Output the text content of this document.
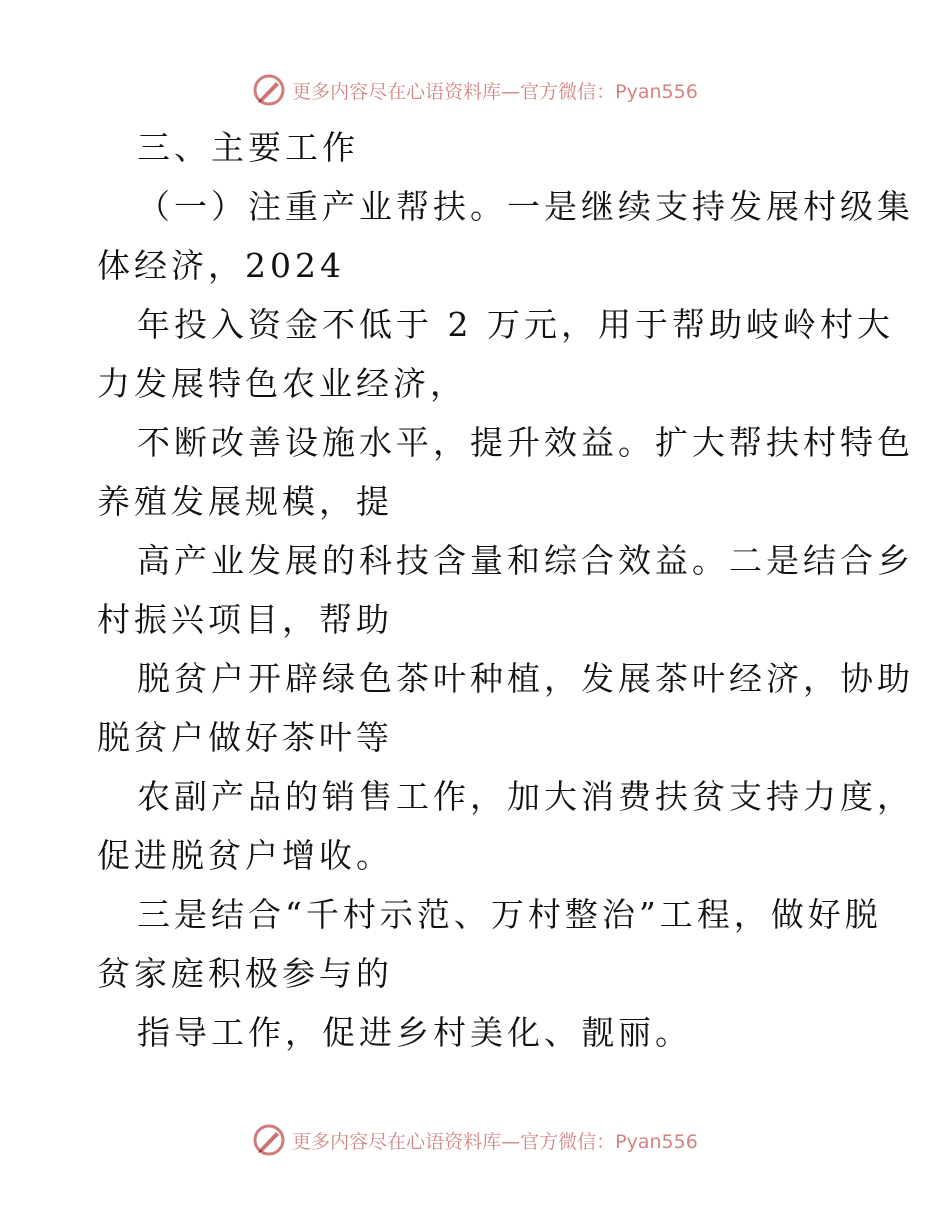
更多内容尽在心语资料库—官方微信：Pyan556
三、主要工作
（一）注重产业帮扶。一是继续支持发展村级集
体经济，2024
年投入资金不低于 2 万元，用于帮助岐岭村大
力发展特色农业经济，
不断改善设施水平，提升效益。扩大帮扶村特色
养殖发展规模，提
高产业发展的科技含量和综合效益。二是结合乡
村振兴项目，帮助
脱贫户开辟绿色茶叶种植，发展茶叶经济，协助
脱贫户做好茶叶等
农副产品的销售工作，加大消费扶贫支持力度，
促进脱贫户增收。
三是结合“千村示范、万村整治”工程，做好脱
贫家庭积极参与的
指导工作，促进乡村美化、靓丽。
更多内容尽在心语资料库—官方微信：Pyan556
